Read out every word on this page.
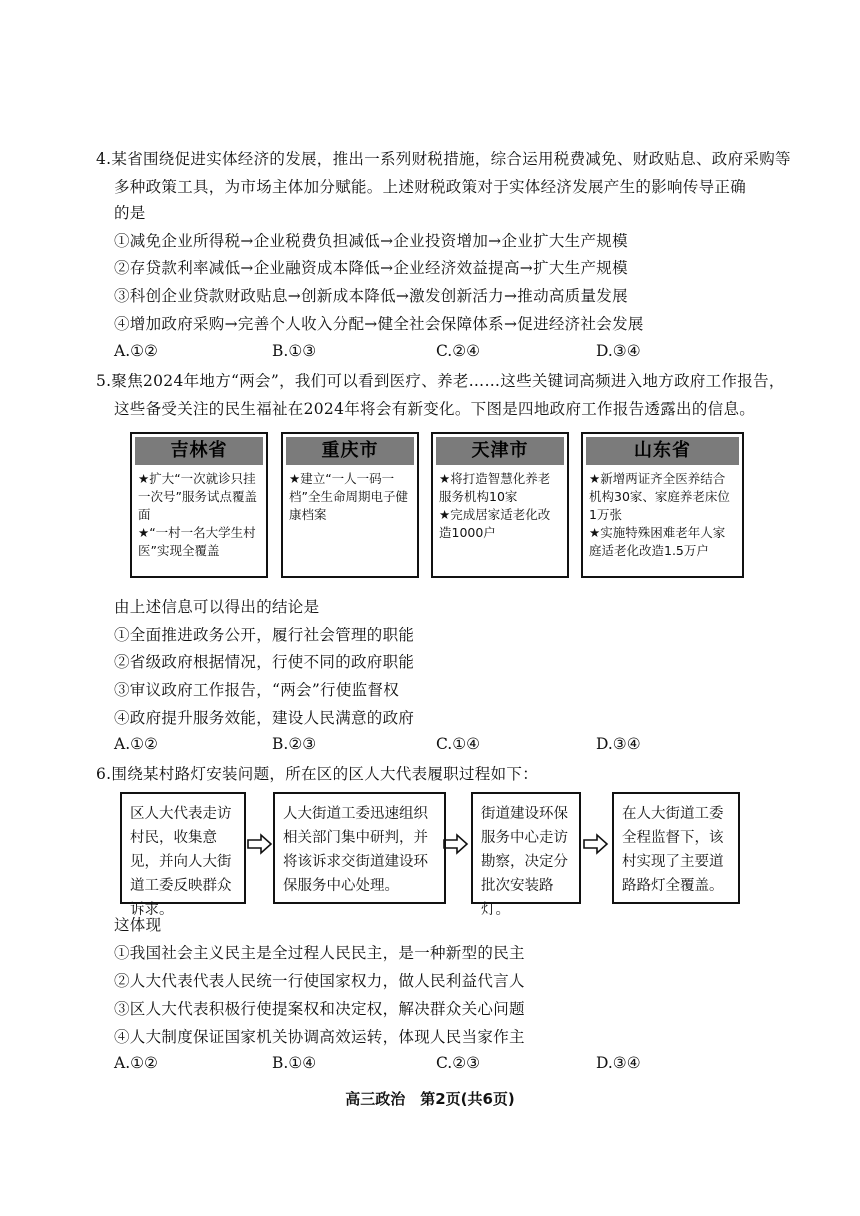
4.某省围绕促进实体经济的发展，推出一系列财税措施，综合运用税费减免、财政贴息、政府采购等
多种政策工具，为市场主体加分赋能。上述财税政策对于实体经济发展产生的影响传导正确
的是
①减免企业所得税→企业税费负担减低→企业投资增加→企业扩大生产规模
②存贷款利率减低→企业融资成本降低→企业经济效益提高→扩大生产规模
③科创企业贷款财政贴息→创新成本降低→激发创新活力→推动高质量发展
④增加政府采购→完善个人收入分配→健全社会保障体系→促进经济社会发展
A.①②	B.①③	C.②④	D.③④
5.聚焦2024年地方“两会”，我们可以看到医疗、养老……这些关键词高频进入地方政府工作报告，
这些备受关注的民生福祉在2024年将会有新变化。下图是四地政府工作报告透露出的信息。
吉林省
★扩大“一次就诊只挂一次号”服务试点覆盖面
★“一村一名大学生村医”实现全覆盖
重庆市
★建立“一人一码一档”全生命周期电子健康档案
天津市
★将打造智慧化养老服务机构10家
★完成居家适老化改造1000户
山东省
★新增两证齐全医养结合机构30家、家庭养老床位1万张
★实施特殊困难老年人家庭适老化改造1.5万户
由上述信息可以得出的结论是
①全面推进政务公开，履行社会管理的职能
②省级政府根据情况，行使不同的政府职能
③审议政府工作报告，“两会”行使监督权
④政府提升服务效能，建设人民满意的政府
A.①②	B.②③	C.①④	D.③④
6.围绕某村路灯安装问题，所在区的区人大代表履职过程如下：
区人大代表走访村民，收集意见，并向人大街道工委反映群众诉求。
人大街道工委迅速组织相关部门集中研判，并将该诉求交街道建设环保服务中心处理。
街道建设环保服务中心走访勘察，决定分批次安装路灯。
在人大街道工委全程监督下，该村实现了主要道路路灯全覆盖。
这体现
①我国社会主义民主是全过程人民民主，是一种新型的民主
②人大代表代表人民统一行使国家权力，做人民利益代言人
③区人大代表积极行使提案权和决定权，解决群众关心问题
④人大制度保证国家机关协调高效运转，体现人民当家作主
A.①②	B.①④	C.②③	D.③④
高三政治　第2页(共6页)
